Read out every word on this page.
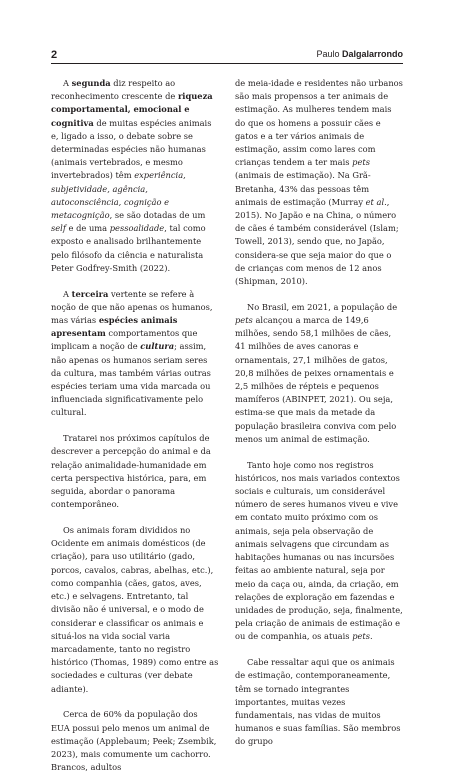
2	Paulo Dalgalarrondo

A segunda diz respeito ao reconhecimento crescente de riqueza comportamental, emocional e cognitiva de muitas espécies animais e, ligado a isso, o debate sobre se determinadas espécies não humanas (animais vertebrados, e mesmo invertebrados) têm experiência, subjetividade, agência, autoconsciência, cognição e metacognição, se são dotadas de um self e de uma pessoalidade, tal como exposto e analisado brilhantemente pelo filósofo da ciência e naturalista Peter Godfrey-Smith (2022).

A terceira vertente se refere à noção de que não apenas os humanos, mas várias espécies animais apresentam comportamentos que implicam a noção de cultura; assim, não apenas os humanos seriam seres da cultura, mas também várias outras espécies teriam uma vida marcada ou influenciada significativamente pelo cultural.

Tratarei nos próximos capítulos de descrever a percepção do animal e da relação animalidade-humanidade em certa perspectiva histórica, para, em seguida, abordar o panorama contemporâneo.

Os animais foram divididos no Ocidente em animais domésticos (de criação), para uso utilitário (gado, porcos, cavalos, cabras, abelhas, etc.), como companhia (cães, gatos, aves, etc.) e selvagens. Entretanto, tal divisão não é universal, e o modo de considerar e classificar os animais e situá-los na vida social varia marcadamente, tanto no registro histórico (Thomas, 1989) como entre as sociedades e culturas (ver debate adiante).

Cerca de 60% da população dos EUA possui pelo menos um animal de estimação (Applebaum; Peek; Zsembik, 2023), mais comumente um cachorro. Brancos, adultos

de meia-idade e residentes não urbanos são mais propensos a ter animais de estimação. As mulheres tendem mais do que os homens a possuir cães e gatos e a ter vários animais de estimação, assim como lares com crianças tendem a ter mais pets (animais de estimação). Na Grã-Bretanha, 43% das pessoas têm animais de estimação (Murray et al., 2015). No Japão e na China, o número de cães é também considerável (Islam; Towell, 2013), sendo que, no Japão, considera-se que seja maior do que o de crianças com menos de 12 anos (Shipman, 2010).

No Brasil, em 2021, a população de pets alcançou a marca de 149,6 milhões, sendo 58,1 milhões de cães, 41 milhões de aves canoras e ornamentais, 27,1 milhões de gatos, 20,8 milhões de peixes ornamentais e 2,5 milhões de répteis e pequenos mamíferos (ABINPET, 2021). Ou seja, estima-se que mais da metade da população brasileira conviva com pelo menos um animal de estimação.

Tanto hoje como nos registros históricos, nos mais variados contextos sociais e culturais, um considerável número de seres humanos viveu e vive em contato muito próximo com os animais, seja pela observação de animais selvagens que circundam as habitações humanas ou nas incursões feitas ao ambiente natural, seja por meio da caça ou, ainda, da criação, em relações de exploração em fazendas e unidades de produção, seja, finalmente, pela criação de animais de estimação e ou de companhia, os atuais pets.

Cabe ressaltar aqui que os animais de estimação, contemporaneamente, têm se tornado integrantes importantes, muitas vezes fundamentais, nas vidas de muitos humanos e suas famílias. São membros do grupo
